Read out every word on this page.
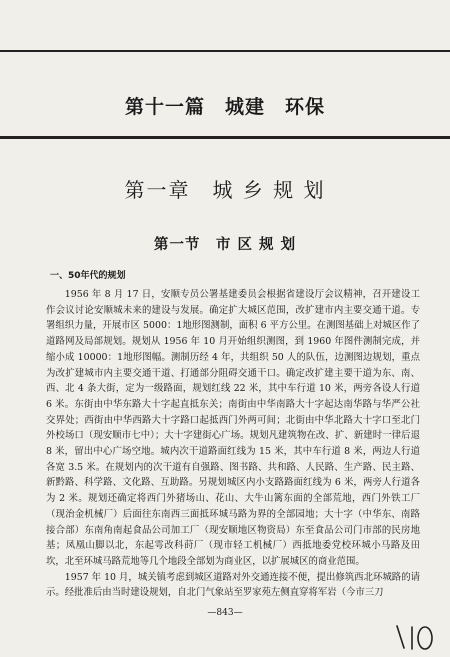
第十一篇　城建　环保
第一章　城 乡 规 划
第一节　市 区 规 划
一、50年代的规划

1956 年 8 月 17 日，安顺专员公署基建委员会根据省建设厅会议精神，召开建设工作会议讨论安顺城未来的建设与发展。确定扩大城区范围，改扩建市内主要交通干道。专署组织力量，开展市区 5000：1地形图测制，面积 6 平方公里。在测图基础上对城区作了道路网及局部规划。规划从 1956 年 10 月开始组织测图，到 1960 年图件测制完成，并缩小成 10000：1地形图幅。测制历经 4 年，共组织 50 人的队伍，边测图边规划，重点为改扩建城市内主要交通干道、打通部分阻碍交通干口。确定改扩建主要干道为东、南、西、北 4 条大街，定为一级路面，规划红线 22 米，其中车行道 10 米，两旁各设人行道 6 米。东街由中华东路大十字起直抵东关；南街由中华南路大十字起达南华路与华严公社交界处；西街由中华西路大十字路口起抵西门外两可间；北街由中华北路大十字口至北门外校场口（现安顺市七中）；大十字建街心广场。规划凡建筑物在改、扩、新建时一律后退 8 米，留出中心广场空地。城内次干道路面红线为 15 米，其中车行道 8 米，两边人行道各宽 3.5 米。在规划内的次干道有自强路、图书路、共和路、人民路、生产路、民主路、新黔路、科学路、文化路、互助路。另规划城区内小支路路面红线为 6 米，两旁人行道各为 2 米。规划还确定将西门外猪场山、花山、大牛山篱东面的全部荒地，西门外铁工厂（现治金机械厂）后面往东南西三面抵环城马路为界的全部园地；大十字（中华东、南路接合部）东南角南起食品公司加工厂（现安顺地区物资局）东至食品公司门市部的民房地基；凤凰山脚以北，东起雩改科莳厂（现市轻工机械厂）西抵地委党校环城小马路及田坎，北至环城马路荒地等几个地段全部划为商业区，以扩展城区的商业范围。

1957 年 10 月，城关镇考虑到城区道路对外交通连接不便，提出修筑西北环城路的请示。经批准后由当时建设规划，自北门气象站至罗家苑左侧直穿将军岩（今市三刀

—843—
